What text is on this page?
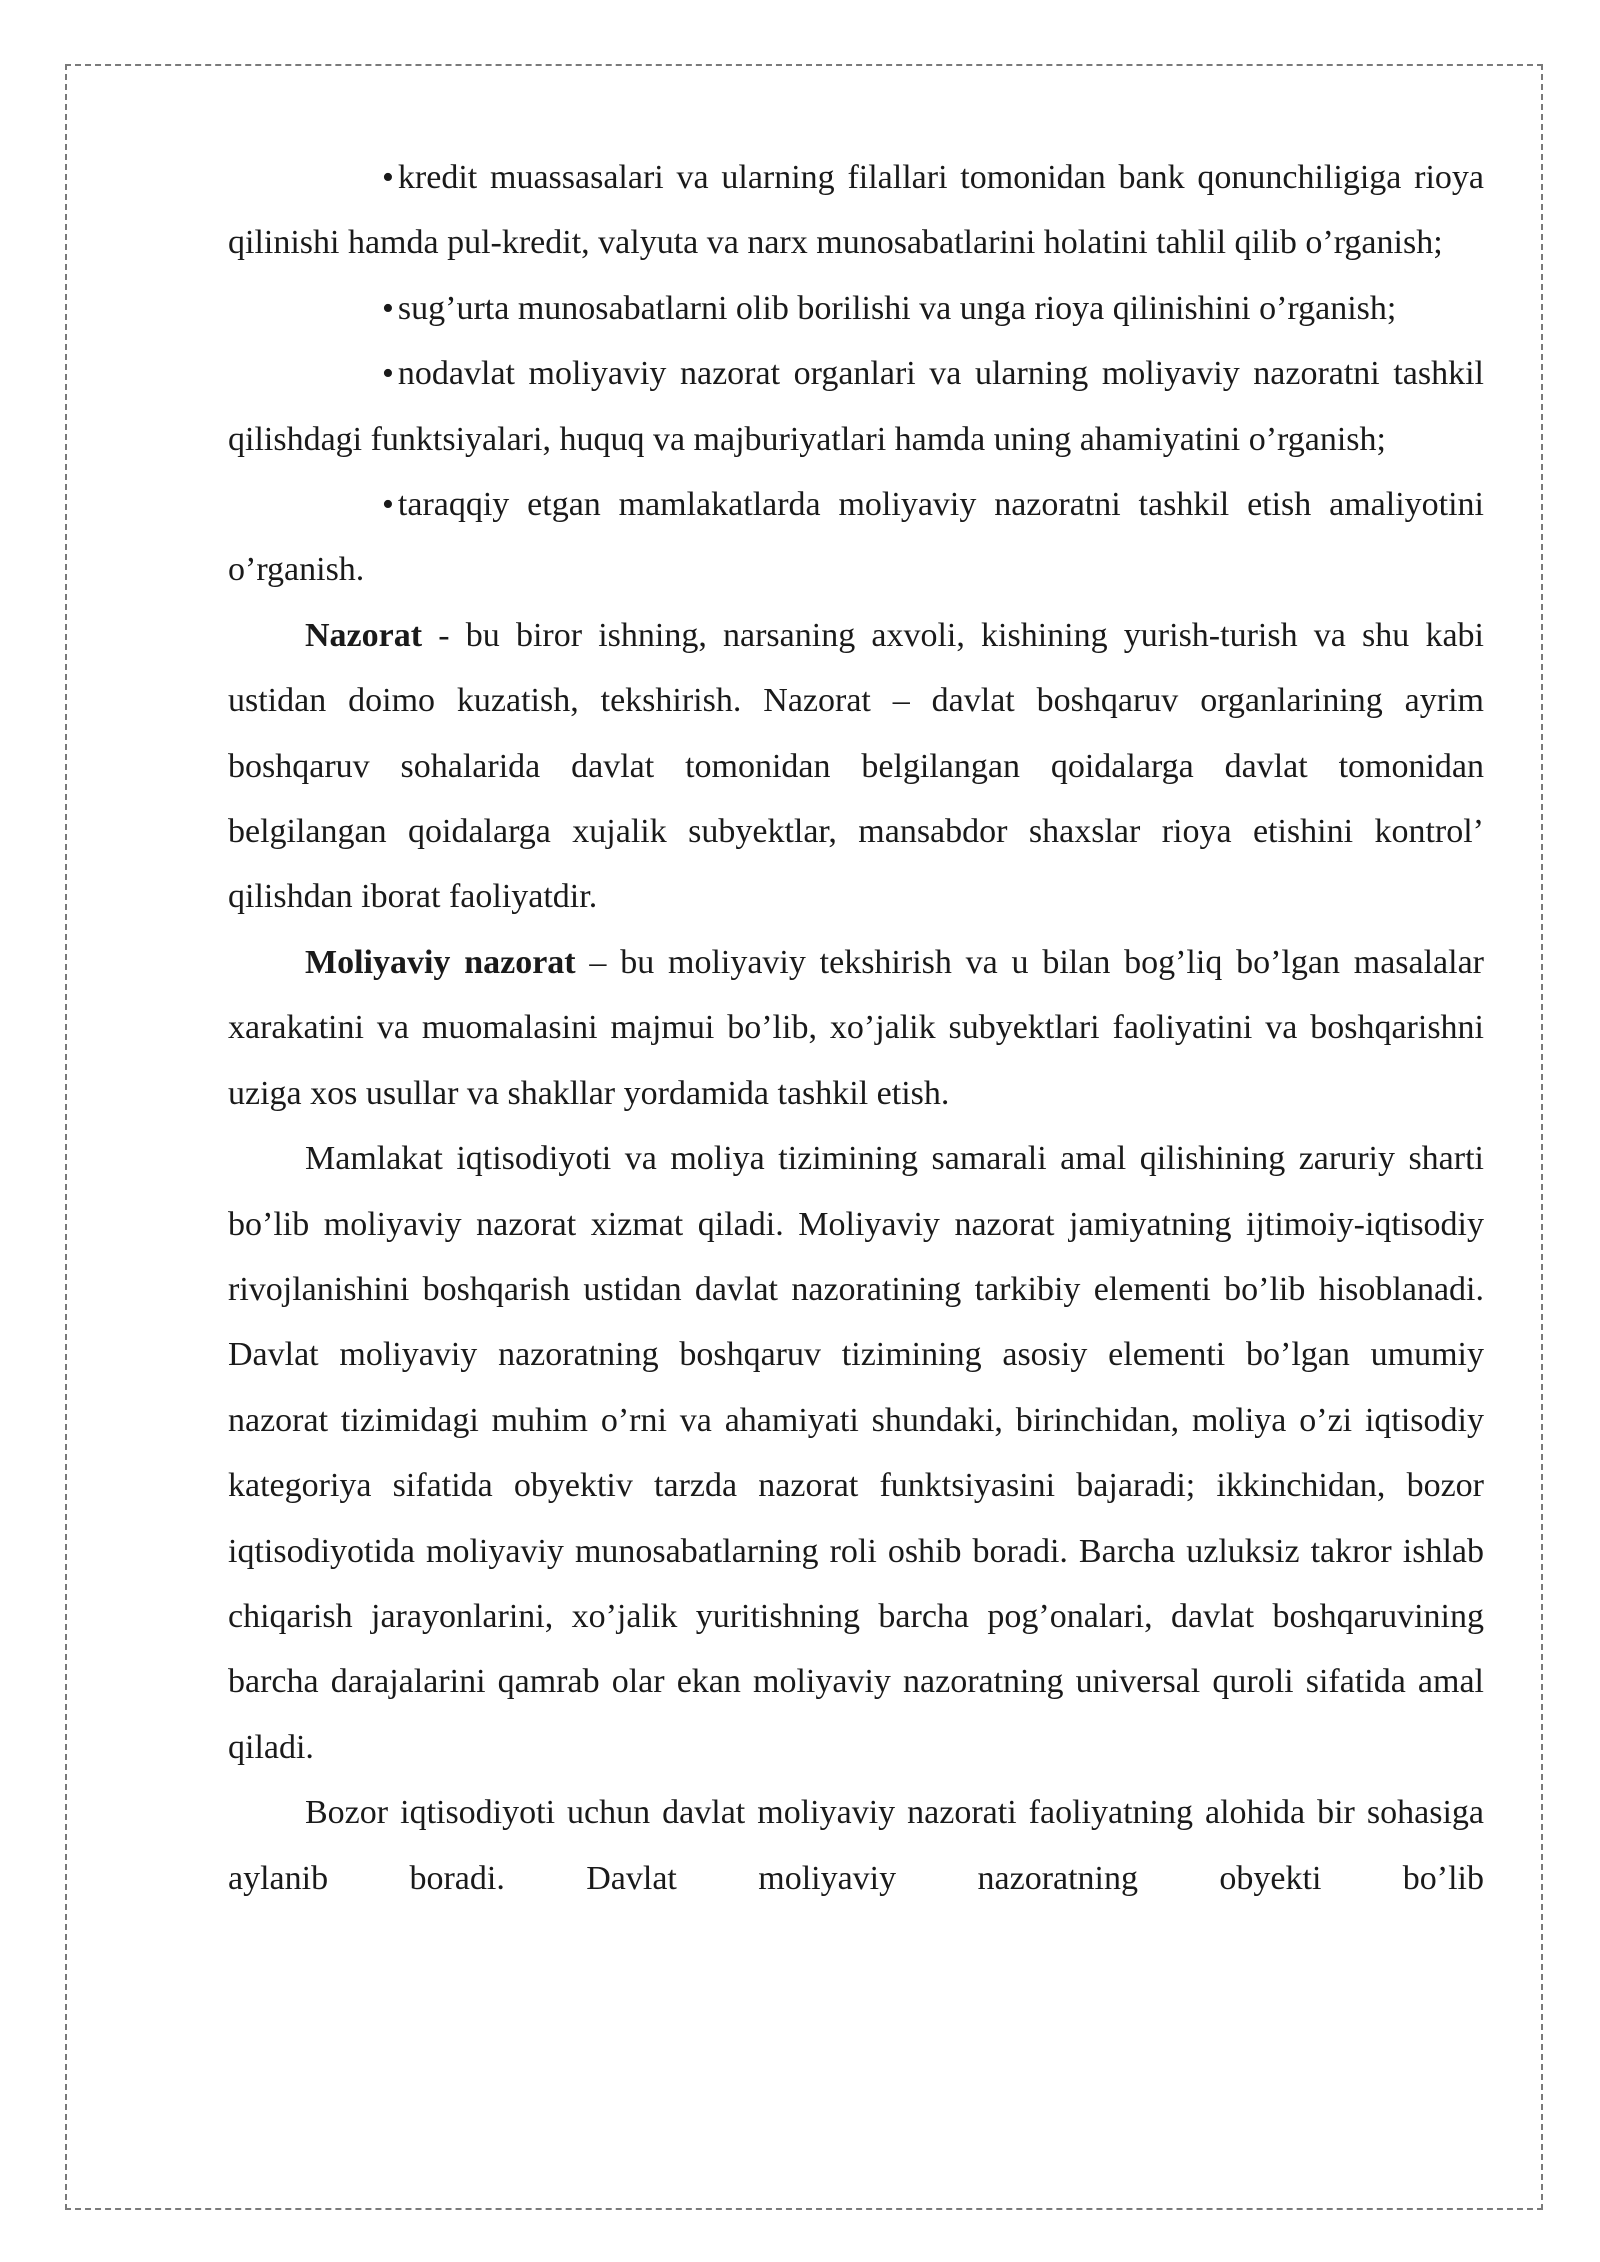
• kredit muassasalari va ularning filallari tomonidan bank qonunchiligiga rioya qilinishi hamda pul-kredit, valyuta va narx munosabatlarini holatini tahlil qilib o’rganish;

• sug’urta munosabatlarni olib borilishi va unga rioya qilinishini o’rganish;

• nodavlat moliyaviy nazorat organlari va ularning moliyaviy nazoratni tashkil qilishdagi funktsiyalari, huquq va majburiyatlari hamda uning ahamiyatini o’rganish;

• taraqqiy etgan mamlakatlarda moliyaviy nazoratni tashkil etish amaliyotini o’rganish.

Nazorat - bu biror ishning, narsaning axvoli, kishining yurish-turish va shu kabi ustidan doimo kuzatish, tekshirish. Nazorat – davlat boshqaruv organlarining ayrim boshqaruv sohalarida davlat tomonidan belgilangan qoidalarga davlat tomonidan belgilangan qoidalarga xujalik subyektlar, mansabdor shaxslar rioya etishini kontrol’ qilishdan iborat faoliyatdir.

Moliyaviy nazorat – bu moliyaviy tekshirish va u bilan bog’liq bo’lgan masalalar xarakatini va muomalasini majmui bo’lib, xo’jalik subyektlari faoliyatini va boshqarishni uziga xos usullar va shakllar yordamida tashkil etish.

Mamlakat iqtisodiyoti va moliya tizimining samarali amal qilishining zaruriy sharti bo’lib moliyaviy nazorat xizmat qiladi. Moliyaviy nazorat jamiyatning ijtimoiy-iqtisodiy rivojlanishini boshqarish ustidan davlat nazoratining tarkibiy elementi bo’lib hisoblanadi. Davlat moliyaviy nazoratning boshqaruv tizimining asosiy elementi bo’lgan umumiy nazorat tizimidagi muhim o’rni va ahamiyati shundaki, birinchidan, moliya o’zi iqtisodiy kategoriya sifatida obyektiv tarzda nazorat funktsiyasini bajaradi; ikkinchidan, bozor iqtisodiyotida moliyaviy munosabatlarning roli oshib boradi. Barcha uzluksiz takror ishlab chiqarish jarayonlarini, xo’jalik yuritishning barcha pog’onalari, davlat boshqaruvining barcha darajalarini qamrab olar ekan moliyaviy nazoratning universal quroli sifatida amal qiladi.

Bozor iqtisodiyoti uchun davlat moliyaviy nazorati faoliyatning alohida bir sohasiga aylanib boradi. Davlat moliyaviy nazoratning obyekti bo’lib
